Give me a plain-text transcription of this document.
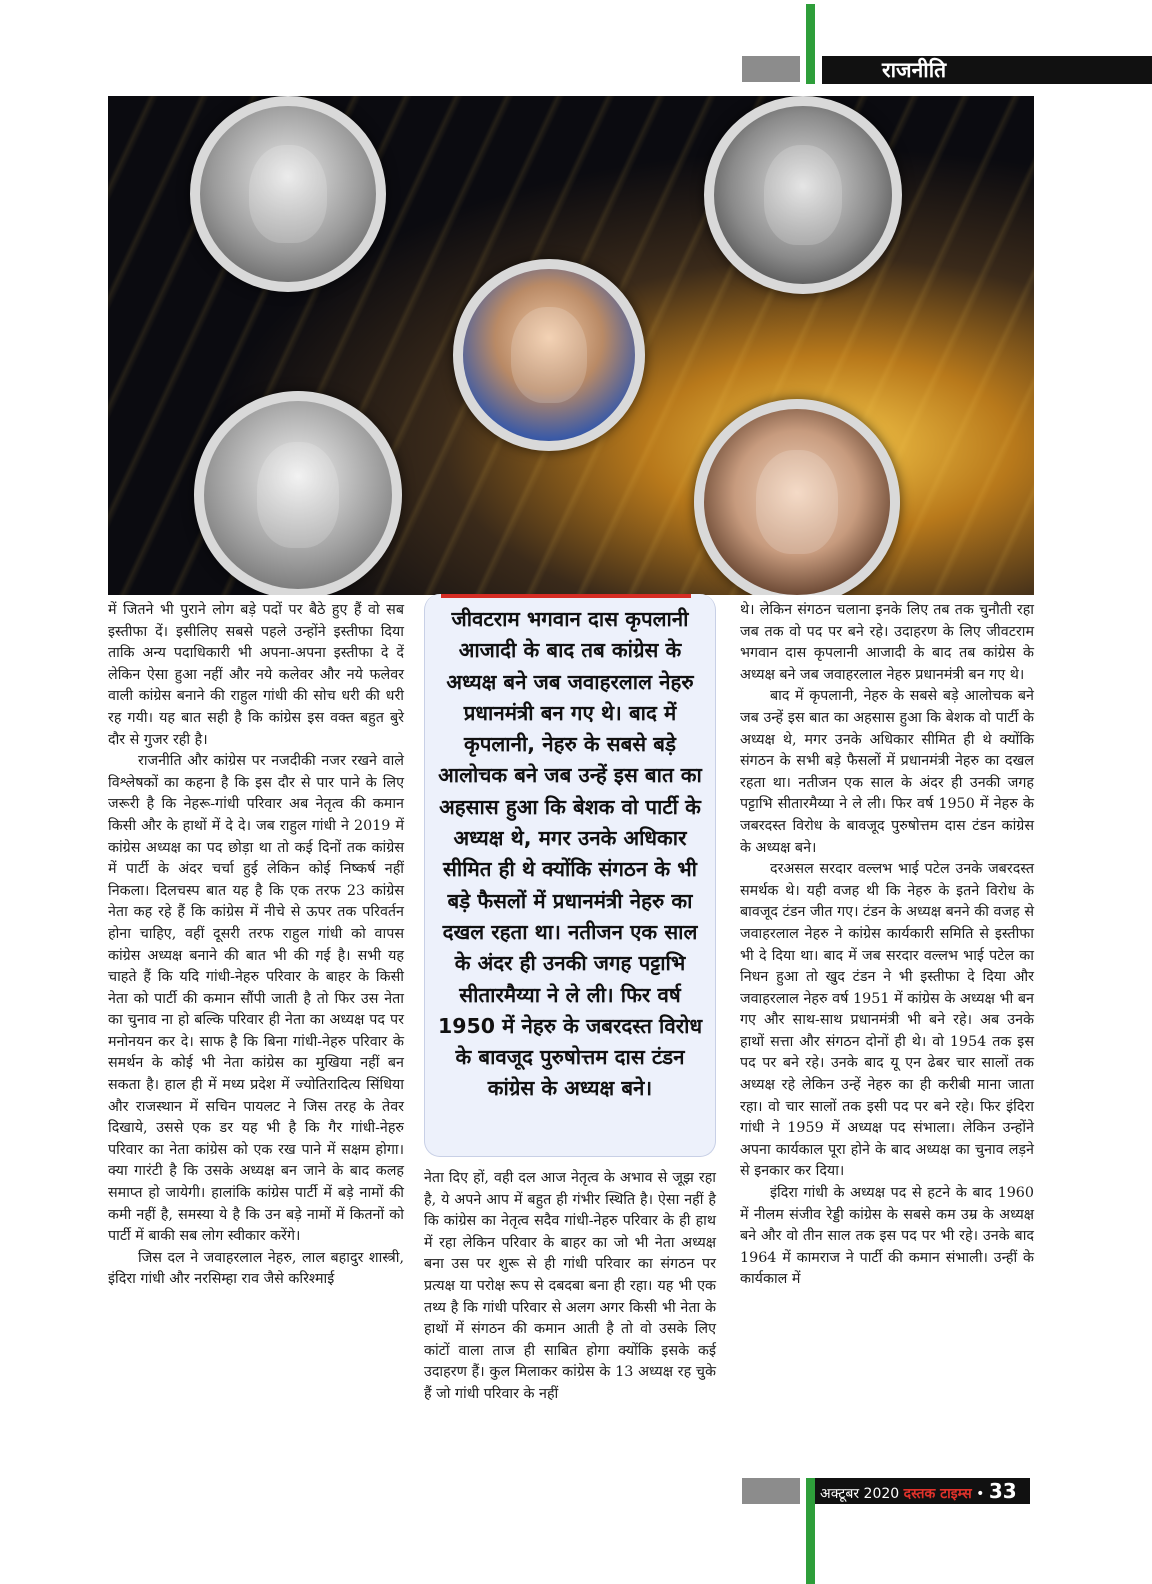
राजनीति

में जितने भी पुराने लोग बड़े पदों पर बैठे हुए हैं वो सब इस्तीफा दें। इसीलिए सबसे पहले उन्होंने इस्तीफा दिया ताकि अन्य पदाधिकारी भी अपना-अपना इस्तीफा दे दें लेकिन ऐसा हुआ नहीं और नये कलेवर और नये फलेवर वाली कांग्रेस बनाने की राहुल गांधी की सोच धरी की धरी रह गयी। यह बात सही है कि कांग्रेस इस वक्त बहुत बुरे दौर से गुजर रही है।

राजनीति और कांग्रेस पर नजदीकी नजर रखने वाले विश्लेषकों का कहना है कि इस दौर से पार पाने के लिए जरूरी है कि नेहरू-गांधी परिवार अब नेतृत्व की कमान किसी और के हाथों में दे दे। जब राहुल गांधी ने 2019 में कांग्रेस अध्यक्ष का पद छोड़ा था तो कई दिनों तक कांग्रेस में पार्टी के अंदर चर्चा हुई लेकिन कोई निष्कर्ष नहीं निकला। दिलचस्प बात यह है कि एक तरफ 23 कांग्रेस नेता कह रहे हैं कि कांग्रेस में नीचे से ऊपर तक परिवर्तन होना चाहिए, वहीं दूसरी तरफ राहुल गांधी को वापस कांग्रेस अध्यक्ष बनाने की बात भी की गई है। सभी यह चाहते हैं कि यदि गांधी-नेहरु परिवार के बाहर के किसी नेता को पार्टी की कमान सौंपी जाती है तो फिर उस नेता का चुनाव ना हो बल्कि परिवार ही नेता का अध्यक्ष पद पर मनोनयन कर दे। साफ है कि बिना गांधी-नेहरु परिवार के समर्थन के कोई भी नेता कांग्रेस का मुखिया नहीं बन सकता है। हाल ही में मध्य प्रदेश में ज्योतिरादित्य सिंधिया और राजस्थान में सचिन पायलट ने जिस तरह के तेवर दिखाये, उससे एक डर यह भी है कि गैर गांधी-नेहरु परिवार का नेता कांग्रेस को एक रख पाने में सक्षम होगा। क्या गारंटी है कि उसके अध्यक्ष बन जाने के बाद कलह समाप्त हो जायेगी। हालांकि कांग्रेस पार्टी में बड़े नामों की कमी नहीं है, समस्या ये है कि उन बड़े नामों में कितनों को पार्टी में बाकी सब लोग स्वीकार करेंगे।

जिस दल ने जवाहरलाल नेहरु, लाल बहादुर शास्त्री, इंदिरा गांधी और नरसिम्हा राव जैसे करिश्माई

जीवटराम भगवान दास कृपलानी आजादी के बाद तब कांग्रेस के अध्यक्ष बने जब जवाहरलाल नेहरु प्रधानमंत्री बन गए थे। बाद में कृपलानी, नेहरु के सबसे बड़े आलोचक बने जब उन्हें इस बात का अहसास हुआ कि बेशक वो पार्टी के अध्यक्ष थे, मगर उनके अधिकार सीमित ही थे क्योंकि संगठन के भी बड़े फैसलों में प्रधानमंत्री नेहरु का दखल रहता था। नतीजन एक साल के अंदर ही उनकी जगह पट्टाभि सीतारमैय्या ने ले ली। फिर वर्ष 1950 में नेहरु के जबरदस्त विरोध के बावजूद पुरुषोत्तम दास टंडन कांग्रेस के अध्यक्ष बने।

नेता दिए हों, वही दल आज नेतृत्व के अभाव से जूझ रहा है, ये अपने आप में बहुत ही गंभीर स्थिति है। ऐसा नहीं है कि कांग्रेस का नेतृत्व सदैव गांधी-नेहरु परिवार के ही हाथ में रहा लेकिन परिवार के बाहर का जो भी नेता अध्यक्ष बना उस पर शुरू से ही गांधी परिवार का संगठन पर प्रत्यक्ष या परोक्ष रूप से दबदबा बना ही रहा। यह भी एक तथ्य है कि गांधी परिवार से अलग अगर किसी भी नेता के हाथों में संगठन की कमान आती है तो वो उसके लिए कांटों वाला ताज ही साबित होगा क्योंकि इसके कई उदाहरण हैं। कुल मिलाकर कांग्रेस के 13 अध्यक्ष रह चुके हैं जो गांधी परिवार के नहीं

थे। लेकिन संगठन चलाना इनके लिए तब तक चुनौती रहा जब तक वो पद पर बने रहे। उदाहरण के लिए जीवटराम भगवान दास कृपलानी आजादी के बाद तब कांग्रेस के अध्यक्ष बने जब जवाहरलाल नेहरु प्रधानमंत्री बन गए थे।

बाद में कृपलानी, नेहरु के सबसे बड़े आलोचक बने जब उन्हें इस बात का अहसास हुआ कि बेशक वो पार्टी के अध्यक्ष थे, मगर उनके अधिकार सीमित ही थे क्योंकि संगठन के सभी बड़े फैसलों में प्रधानमंत्री नेहरु का दखल रहता था। नतीजन एक साल के अंदर ही उनकी जगह पट्टाभि सीतारमैय्या ने ले ली। फिर वर्ष 1950 में नेहरु के जबरदस्त विरोध के बावजूद पुरुषोत्तम दास टंडन कांग्रेस के अध्यक्ष बने।

दरअसल सरदार वल्लभ भाई पटेल उनके जबरदस्त समर्थक थे। यही वजह थी कि नेहरु के इतने विरोध के बावजूद टंडन जीत गए। टंडन के अध्यक्ष बनने की वजह से जवाहरलाल नेहरु ने कांग्रेस कार्यकारी समिति से इस्तीफा भी दे दिया था। बाद में जब सरदार वल्लभ भाई पटेल का निधन हुआ तो खुद टंडन ने भी इस्तीफा दे दिया और जवाहरलाल नेहरु वर्ष 1951 में कांग्रेस के अध्यक्ष भी बन गए और साथ-साथ प्रधानमंत्री भी बने रहे। अब उनके हाथों सत्ता और संगठन दोनों ही थे। वो 1954 तक इस पद पर बने रहे। उनके बाद यू एन ढेबर चार सालों तक अध्यक्ष रहे लेकिन उन्हें नेहरु का ही करीबी माना जाता रहा। वो चार सालों तक इसी पद पर बने रहे। फिर इंदिरा गांधी ने 1959 में अध्यक्ष पद संभाला। लेकिन उन्होंने अपना कार्यकाल पूरा होने के बाद अध्यक्ष का चुनाव लड़ने से इनकार कर दिया।

इंदिरा गांधी के अध्यक्ष पद से हटने के बाद 1960 में नीलम संजीव रेड्डी कांग्रेस के सबसे कम उम्र के अध्यक्ष बने और वो तीन साल तक इस पद पर भी रहे। उनके बाद 1964 में कामराज ने पार्टी की कमान संभाली। उन्हीं के कार्यकाल में

अक्टूबर 2020 दस्तक टाइम्स • 33
